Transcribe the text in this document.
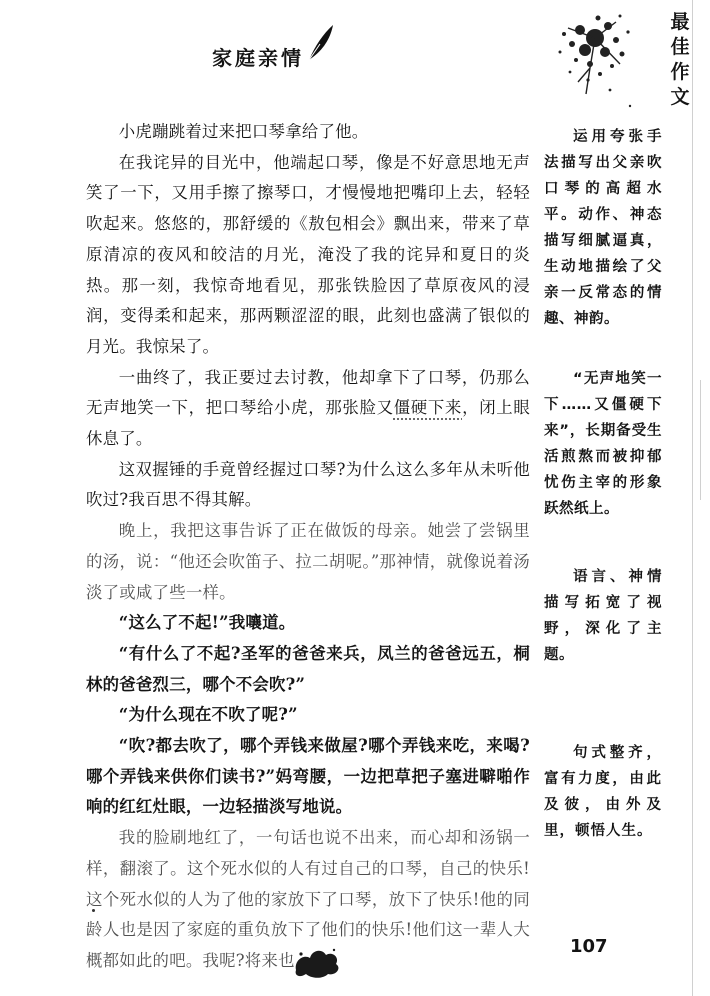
家庭亲情
最
佳
作
文

小虎蹦跳着过来把口琴拿给了他。

在我诧异的目光中，他端起口琴，像是不好意思地无声笑了一下，又用手擦了擦琴口，才慢慢地把嘴印上去，轻轻吹起来。悠悠的，那舒缓的《敖包相会》飘出来，带来了草原清凉的夜风和皎洁的月光，淹没了我的诧异和夏日的炎热。那一刻，我惊奇地看见，那张铁脸因了草原夜风的浸润，变得柔和起来，那两颗涩涩的眼，此刻也盛满了银似的月光。我惊呆了。

一曲终了，我正要过去讨教，他却拿下了口琴，仍那么无声地笑一下，把口琴给小虎，那张脸又僵硬下来，闭上眼休息了。

这双握锤的手竟曾经握过口琴?为什么这么多年从未听他吹过?我百思不得其解。

晚上，我把这事告诉了正在做饭的母亲。她尝了尝锅里的汤，说：“他还会吹笛子、拉二胡呢。”那神情，就像说着汤淡了或咸了些一样。

“这么了不起!”我嚷道。

“有什么了不起?圣军的爸爸来兵，凤兰的爸爸远五，桐林的爸爸烈三，哪个不会吹?”

“为什么现在不吹了呢?”

“吹?都去吹了，哪个弄钱来做屋?哪个弄钱来吃，来喝?哪个弄钱来供你们读书?”妈弯腰，一边把草把子塞进噼啪作响的红红灶眼，一边轻描淡写地说。

我的脸刷地红了，一句话也说不出来，而心却和汤锅一样，翻滚了。这个死水似的人有过自己的口琴，自己的快乐!这个死水似的人为了他的家放下了口琴，放下了快乐!他的同龄人也是因了家庭的重负放下了他们的快乐!他们这一辈人大概都如此的吧。我呢?将来也

运用夸张手法描写出父亲吹口琴的高超水平。动作、神态描写细腻逼真，生动地描绘了父亲一反常态的情趣、神韵。

“无声地笑一下……又僵硬下来”，长期备受生活煎熬而被抑郁忧伤主宰的形象跃然纸上。

语言、神情描写拓宽了视野，深化了主题。

句式整齐，富有力度，由此及彼，由外及里，顿悟人生。

107
